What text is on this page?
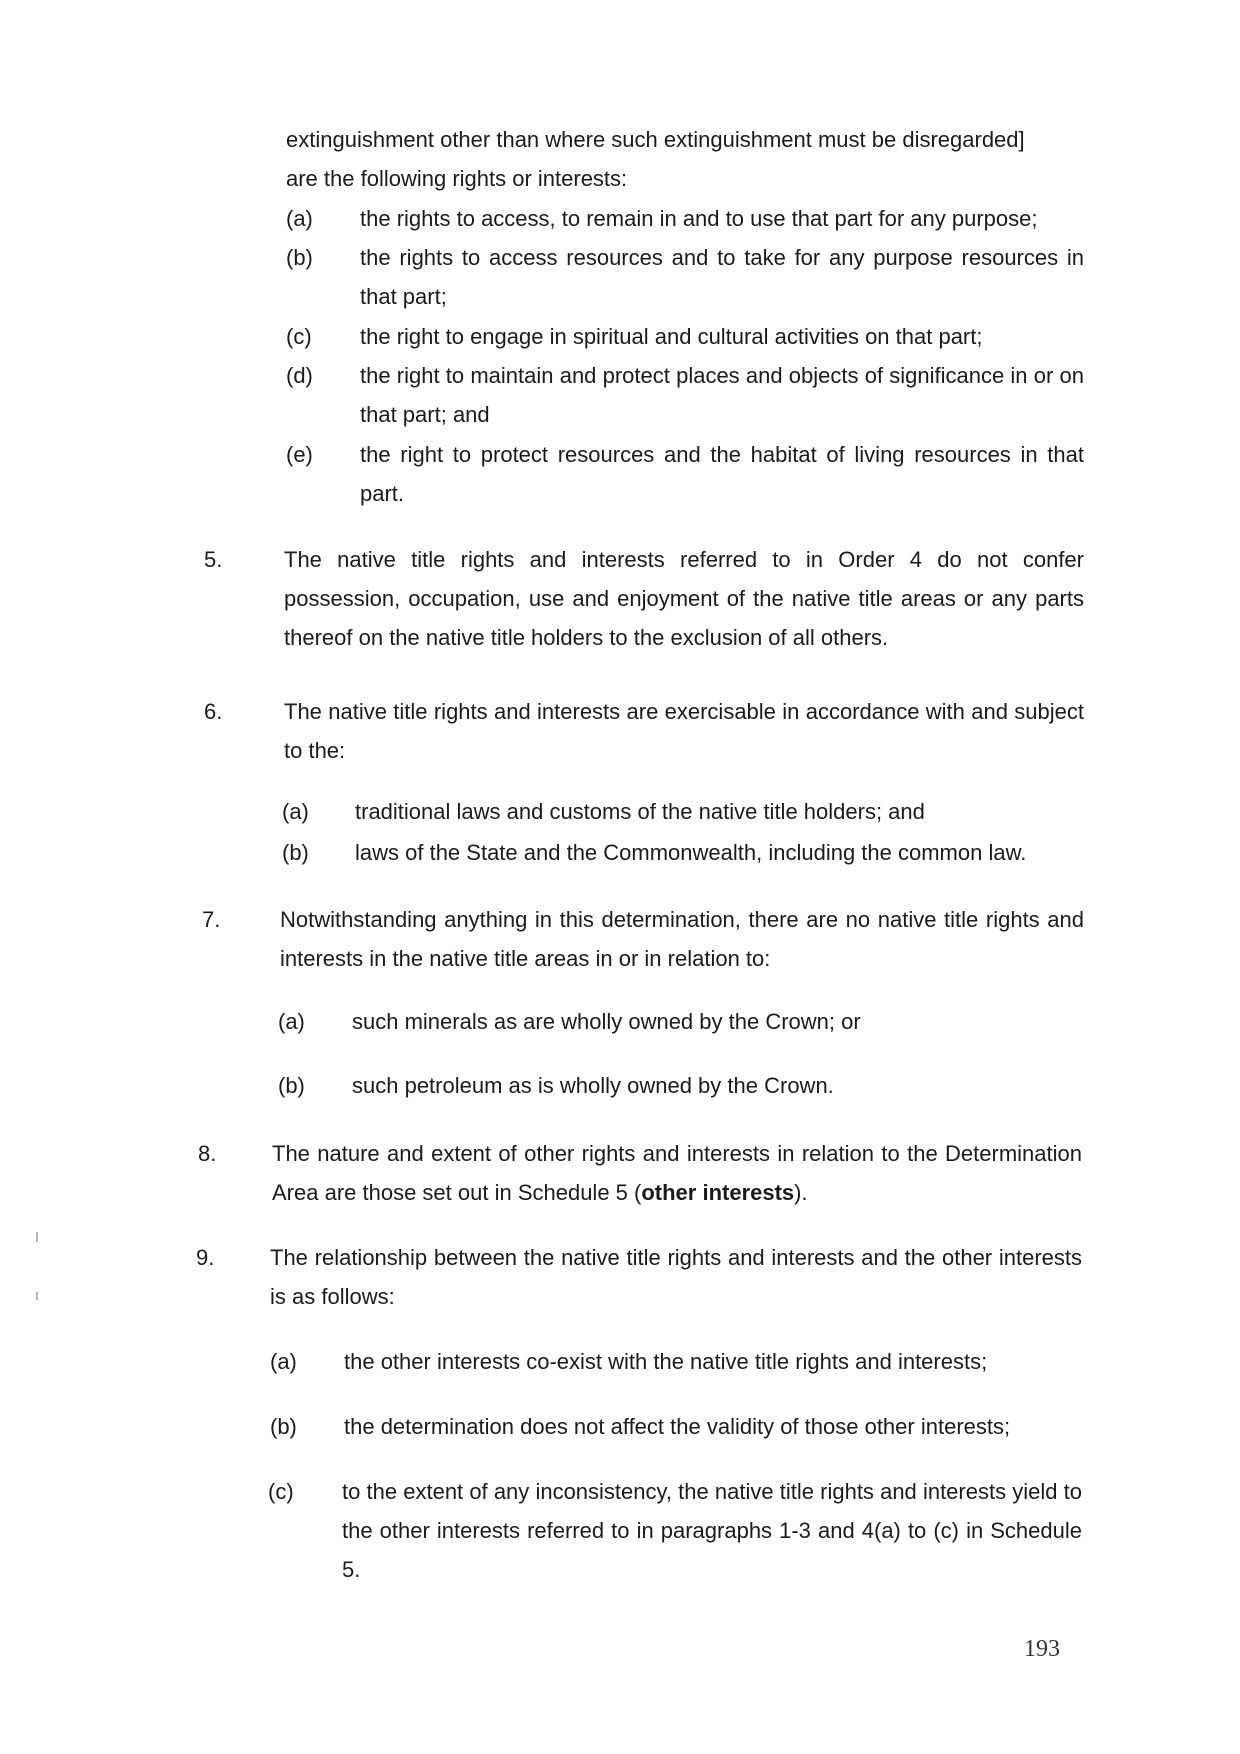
extinguishment other than where such extinguishment must be disregarded]
are the following rights or interests:
(a) the rights to access, to remain in and to use that part for any purpose;
(b) the rights to access resources and to take for any purpose resources in that part;
(c) the right to engage in spiritual and cultural activities on that part;
(d) the right to maintain and protect places and objects of significance in or on that part; and
(e) the right to protect resources and the habitat of living resources in that part.
5.	The native title rights and interests referred to in Order 4 do not confer possession, occupation, use and enjoyment of the native title areas or any parts thereof on the native title holders to the exclusion of all others.
6.	The native title rights and interests are exercisable in accordance with and subject to the:
(a) traditional laws and customs of the native title holders; and
(b) laws of the State and the Commonwealth, including the common law.
7.	Notwithstanding anything in this determination, there are no native title rights and interests in the native title areas in or in relation to:
(a) such minerals as are wholly owned by the Crown; or
(b) such petroleum as is wholly owned by the Crown.
8.	The nature and extent of other rights and interests in relation to the Determination Area are those set out in Schedule 5 (other interests).
9.	The relationship between the native title rights and interests and the other interests is as follows:
(a) the other interests co-exist with the native title rights and interests;
(b) the determination does not affect the validity of those other interests;
(c) to the extent of any inconsistency, the native title rights and interests yield to the other interests referred to in paragraphs 1-3 and 4(a) to (c) in Schedule 5.
193
